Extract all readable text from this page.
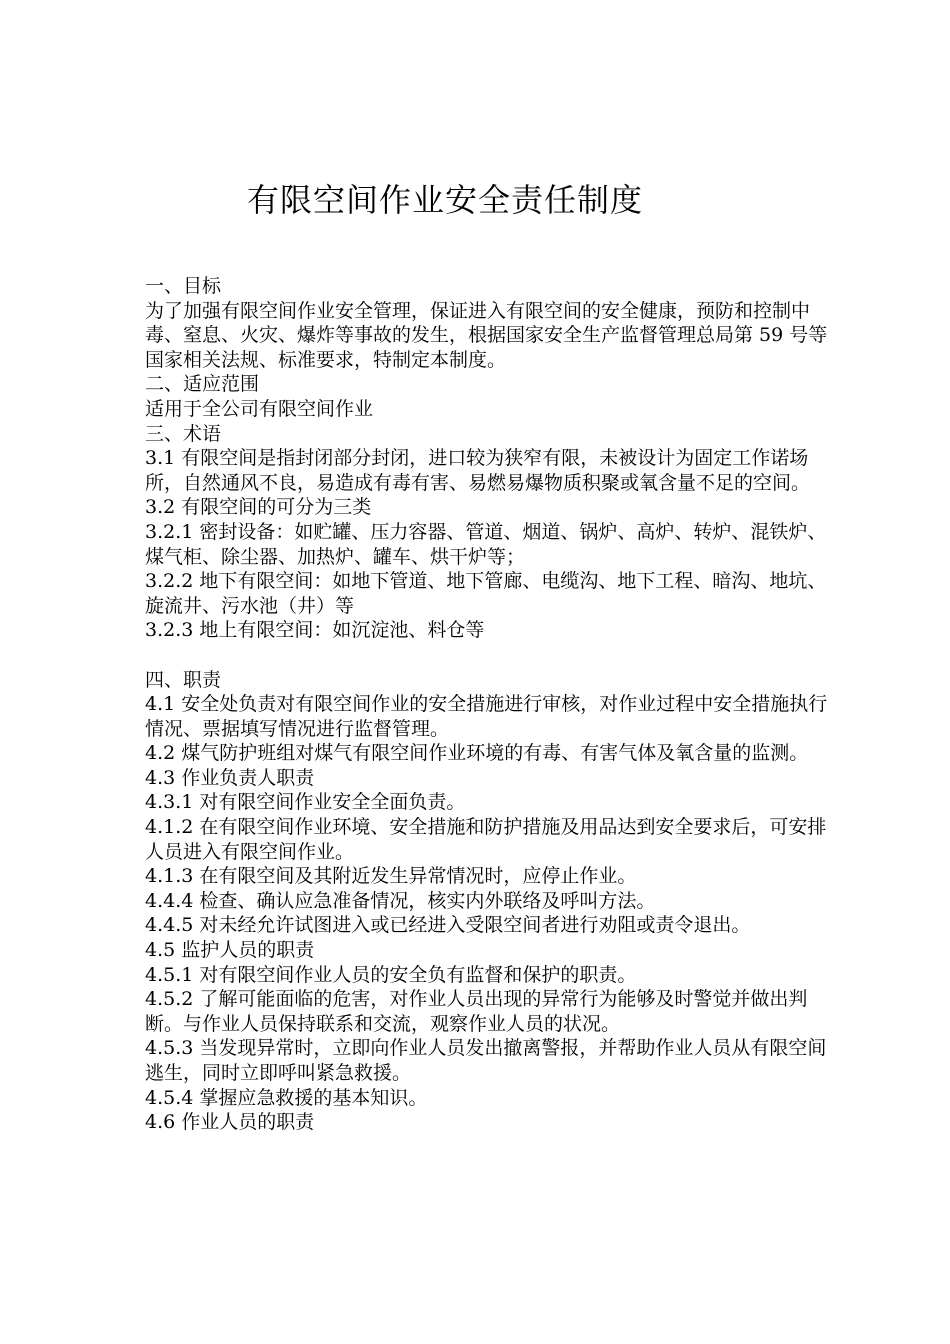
有限空间作业安全责任制度

一、目标

为了加强有限空间作业安全管理，保证进入有限空间的安全健康，预防和控制中毒、窒息、火灾、爆炸等事故的发生，根据国家安全生产监督管理总局第 59 号等国家相关法规、标准要求，特制定本制度。

二、适应范围

适用于全公司有限空间作业

三、术语

3.1 有限空间是指封闭部分封闭，进口较为狭窄有限，未被设计为固定工作诺场所，自然通风不良，易造成有毒有害、易燃易爆物质积聚或氧含量不足的空间。

3.2 有限空间的可分为三类

3.2.1 密封设备：如贮罐、压力容器、管道、烟道、锅炉、高炉、转炉、混铁炉、煤气柜、除尘器、加热炉、罐车、烘干炉等；

3.2.2 地下有限空间：如地下管道、地下管廊、电缆沟、地下工程、暗沟、地坑、旋流井、污水池（井）等

3.2.3 地上有限空间：如沉淀池、料仓等

四、职责

4.1 安全处负责对有限空间作业的安全措施进行审核，对作业过程中安全措施执行情况、票据填写情况进行监督管理。

4.2 煤气防护班组对煤气有限空间作业环境的有毒、有害气体及氧含量的监测。

4.3 作业负责人职责

4.3.1 对有限空间作业安全全面负责。

4.1.2 在有限空间作业环境、安全措施和防护措施及用品达到安全要求后，可安排人员进入有限空间作业。

4.1.3 在有限空间及其附近发生异常情况时，应停止作业。

4.4.4 检查、确认应急准备情况，核实内外联络及呼叫方法。

4.4.5 对未经允许试图进入或已经进入受限空间者进行劝阻或责令退出。

4.5 监护人员的职责

4.5.1 对有限空间作业人员的安全负有监督和保护的职责。

4.5.2 了解可能面临的危害，对作业人员出现的异常行为能够及时警觉并做出判断。与作业人员保持联系和交流，观察作业人员的状况。

4.5.3 当发现异常时，立即向作业人员发出撤离警报，并帮助作业人员从有限空间逃生，同时立即呼叫紧急救援。

4.5.4 掌握应急救援的基本知识。

4.6 作业人员的职责
